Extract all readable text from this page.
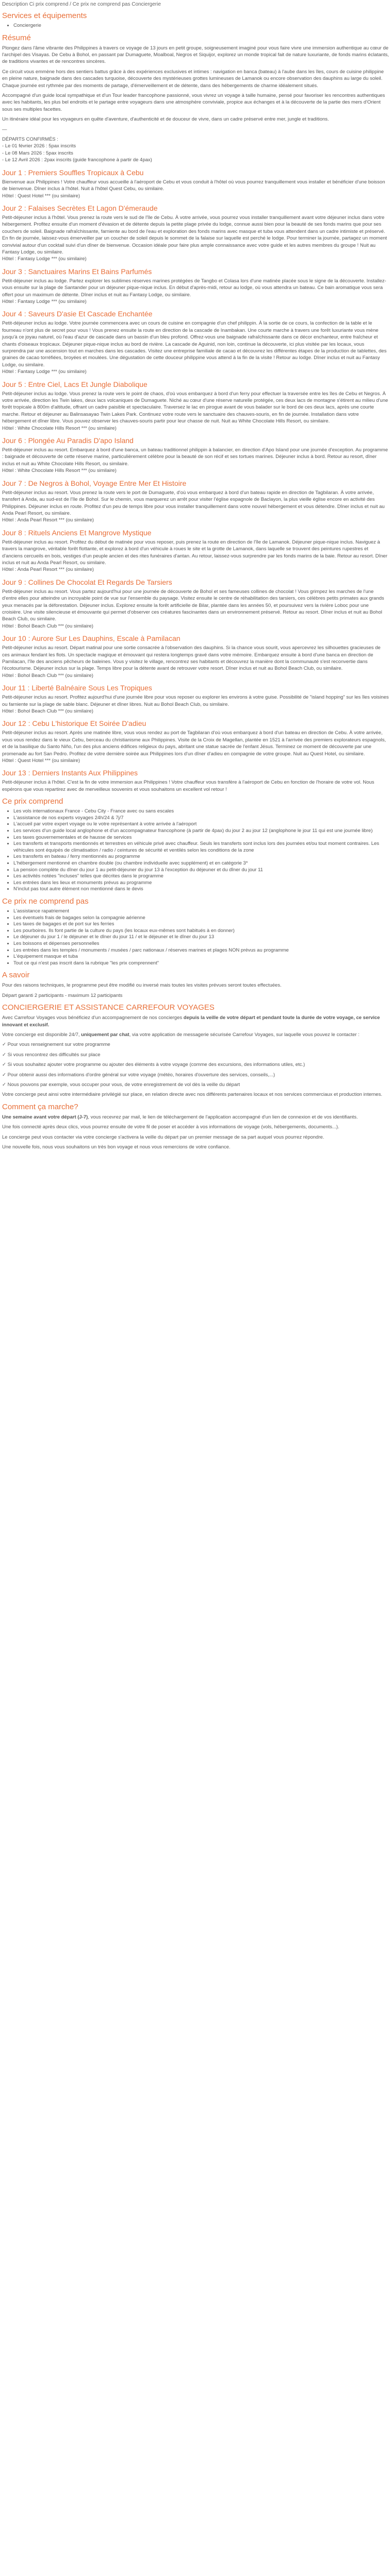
Description Ci prix comprend / Ce prix ne comprend pas Conciergerie
Services et équipements
• Conciergerie
Résumé

Plongez dans l'âme vibrante des Philippines à travers ce voyage de 13 jours en petit groupe, soigneusement imaginé pour vous faire vivre une immersion authentique au cœur de l'archipel des Visayas. De Cebu à Bohol, en passant par Dumaguete, Moalboal, Negros et Siquijor, explorez un monde tropical fait de nature luxuriante, de fonds marins éclatants, de traditions vivantes et de rencontres sincères.

Ce circuit vous emmène hors des sentiers battus grâce à des expériences exclusives et intimes : navigation en banca (bateau) à l'aube dans les îles, cours de cuisine philippine en pleine nature, baignade dans des cascades turquoise, découverte des mystérieuses grottes lumineuses de Lamanok ou encore observation des dauphins au large du soleil. Chaque journée est rythmée par des moments de partage, d'émerveillement et de détente, dans des hébergements de charme idéalement situés.

Accompagné d'un guide local sympathique et d'un Tour leader francophone passionné, vous vivrez un voyage à taille humaine, pensé pour favoriser les rencontres authentiques avec les habitants, les plus bel endroits et le partage entre voyageurs dans une atmosphère conviviale, propice aux échanges et à la découverte de la partie des mers d'Orient sous ses multiples facettes.

Un itinéraire idéal pour les voyageurs en quête d'aventure, d'authenticité et de douceur de vivre, dans un cadre préservé entre mer, jungle et traditions.

—

DÉPARTS CONFIRMÉS :

- Le 01 février 2026 : 5pax inscrits

- Le 08 Mars 2026 : 5pax inscrits

- Le 12 Avril 2026 : 2pax inscrits (guide francophone à partir de 4pax)

Jour 1 : Premiers Souffles Tropicaux à Cebu

Bienvenue aux Philippines ! Votre chauffeur vous accueille à l'aéroport de Cebu et vous conduit à l'hôtel où vous pourrez tranquillement vous installer et bénéficier d'une boisson de bienvenue. Dîner inclus à l'hôtel. Nuit à l'hôtel Quest Cebu, ou similaire.

Hôtel : Quest Hotel *** (ou similaire)

Jour 2 : Falaises Secrètes Et Lagon D'émeraude

Petit-déjeuner inclus à l'hôtel. Vous prenez la route vers le sud de l'île de Cebu. À votre arrivée, vous pourrez vous installer tranquillement avant votre déjeuner inclus dans votre hébergement. Profitez ensuite d'un moment d'évasion et de détente depuis la petite plage privée du lodge, connue aussi bien pour la beauté de ses fonds marins que pour ses couchers de soleil. Baignade rafraîchissante, farniente au bord de l'eau et exploration des fonds marins avec masque et tuba vous attendent dans un cadre intimiste et préservé. En fin de journée, laissez-vous émerveiller par un coucher de soleil depuis le sommet de la falaise sur laquelle est perché le lodge. Pour terminer la journée, partagez un moment convivial autour d'un cocktail suivi d'un dîner de bienvenue. Occasion idéale pour faire plus ample connaissance avec votre guide et les autres membres du groupe ! Nuit au Fantasy Lodge, ou similaire.

Hôtel : Fantasy Lodge *** (ou similaire)

Jour 3 : Sanctuaires Marins Et Bains Parfumés

Petit-déjeuner inclus au lodge. Partez explorer les sublimes réserves marines protégées de Tangbo et Colasa lors d'une matinée placée sous le signe de la découverte. Installez-vous ensuite sur la plage de Santander pour un déjeuner pique-nique inclus. En début d'après-midi, retour au lodge, où vous attendra un bateau. Ce bain aromatique vous sera offert pour un maximum de détente. Dîner inclus et nuit au Fantasy Lodge, ou similaire.

Hôtel : Fantasy Lodge *** (ou similaire)

Jour 4 : Saveurs D'asie Et Cascade Enchantée

Petit-déjeuner inclus au lodge. Votre journée commencera avec un cours de cuisine en compagnie d'un chef philippin. À la sortie de ce cours, la confection de la table et le fourneau n'ont plus de secret pour vous ! Vous prenez ensuite la route en direction de la cascade de Inambakan. Une courte marche à travers une forêt luxuriante vous mène jusqu'à ce joyau naturel, où l'eau d'azur de cascade dans un bassin d'un bleu profond. Offrez-vous une baignade rafraîchissante dans ce décor enchanteur, entre fraîcheur et chants d'oiseaux tropicaux. Déjeuner pique-nique inclus au bord de rivière. La cascade de Aguinid, non loin, continue la découverte, ici plus visitée par les locaux, vous surprendra par une ascension tout en marches dans les cascades. Visitez une entreprise familiale de cacao et découvrez les différentes étapes de la production de tablettes, des graines de cacao torréfiées, broyées et moulées. Une dégustation de cette douceur philippine vous attend à la fin de la visite ! Retour au lodge. Dîner inclus et nuit au Fantasy Lodge, ou similaire.

Hôtel : Fantasy Lodge *** (ou similaire)

Jour 5 : Entre Ciel, Lacs Et Jungle Diabolique

Petit-déjeuner inclus au lodge. Vous prenez la route vers le point de chaos, d'où vous embarquez à bord d'un ferry pour effectuer la traversée entre les îles de Cebu et Negros. À votre arrivée, direction les Twin lakes, deux lacs volcaniques de Dumaguete. Niché au cœur d'une réserve naturelle protégée, ces deux lacs de montagne s'étirent au milieu d'une forêt tropicale à 800m d'altitude, offrant un cadre paisible et spectaculaire. Traversez le lac en pirogue avant de vous balader sur le bord de ces deux lacs, après une courte marche. Retour et déjeuner au Balinsasayao Twin Lakes Park. Continuez votre route vers le sanctuaire des chauves-souris, en fin de journée. Installation dans votre hébergement et dîner libre. Vous pouvez observer les chauves-souris partir pour leur chasse de nuit. Nuit au White Chocolate Hills Resort, ou similaire.

Hôtel : White Chocolate Hills Resort *** (ou similaire)

Jour 6 : Plongée Au Paradis D'apo Island

Petit-déjeuner inclus au resort. Embarquez à bord d'une banca, un bateau traditionnel philippin à balancier, en direction d'Apo Island pour une journée d'exception. Au programme : baignade et découverte de cette réserve marine, particulièrement célèbre pour la beauté de son récif et ses tortues marines. Déjeuner inclus à bord. Retour au resort, dîner inclus et nuit au White Chocolate Hills Resort, ou similaire.

Hôtel : White Chocolate Hills Resort *** (ou similaire)

Jour 7 : De Negros à Bohol, Voyage Entre Mer Et Histoire

Petit-déjeuner inclus au resort. Vous prenez la route vers le port de Dumaguete, d'où vous embarquez à bord d'un bateau rapide en direction de Tagbilaran. À votre arrivée, transfert à Anda, au sud-est de l'île de Bohol. Sur le chemin, vous marquerez un arrêt pour visiter l'église espagnole de Baclayon, la plus vieille église encore en activité des Philippines. Déjeuner inclus en route. Profitez d'un peu de temps libre pour vous installer tranquillement dans votre nouvel hébergement et vous détendre. Dîner inclus et nuit au Anda Pearl Resort, ou similaire.

Hôtel : Anda Pearl Resort *** (ou similaire)

Jour 8 : Rituels Anciens Et Mangrove Mystique

Petit-déjeuner inclus au resort. Profitez du début de matinée pour vous reposer, puis prenez la route en direction de l'île de Lamanok. Déjeuner pique-nique inclus. Naviguez à travers la mangrove, véritable forêt flottante, et explorez à bord d'un véhicule à roues le site et la grotte de Lamanok, dans laquelle se trouvent des peintures rupestres et d'anciens cercueils en bois, vestiges d'un peuple ancien et des rites funéraires d'antan. Au retour, laissez-vous surprendre par les fonds marins de la baie. Retour au resort. Dîner inclus et nuit au Anda Pearl Resort, ou similaire.

Hôtel : Anda Pearl Resort *** (ou similaire)

Jour 9 : Collines De Chocolat Et Regards De Tarsiers

Petit-déjeuner inclus au resort. Vous partez aujourd'hui pour une journée de découverte de Bohol et ses fameuses collines de chocolat ! Vous grimpez les marches de l'une d'entre elles pour atteindre un incroyable point de vue sur l'ensemble du paysage. Visitez ensuite le centre de réhabilitation des tarsiers, ces célèbres petits primates aux grands yeux menacés par la déforestation. Déjeuner inclus. Explorez ensuite la forêt artificielle de Bilar, plantée dans les années 50, et poursuivez vers la rivière Loboc pour une croisière. Une visite silencieuse et émouvante qui permet d'observer ces créatures fascinantes dans un environnement préservé. Retour au resort. Dîner inclus et nuit au Bohol Beach Club, ou similaire.

Hôtel : Bohol Beach Club *** (ou similaire)

Jour 10 : Aurore Sur Les Dauphins, Escale à Pamilacan

Petit-déjeuner inclus au resort. Départ matinal pour une sortie consacrée à l'observation des dauphins. Si la chance vous sourit, vous apercevrez les silhouettes gracieuses de ces animaux fendant les flots. Un spectacle magique et émouvant qui restera longtemps gravé dans votre mémoire. Embarquez ensuite à bord d'une banca en direction de Pamilacan, l'île des anciens pêcheurs de baleines. Vous y visitez le village, rencontrez ses habitants et découvrez la manière dont la communauté s'est reconvertie dans l'écotourisme. Déjeuner inclus sur la plage. Temps libre pour la détente avant de retrouver votre resort. Dîner inclus et nuit au Bohol Beach Club, ou similaire.

Hôtel : Bohol Beach Club *** (ou similaire)

Jour 11 : Liberté Balnéaire Sous Les Tropiques

Petit-déjeuner inclus au resort. Profitez aujourd'hui d'une journée libre pour vous reposer ou explorer les environs à votre guise. Possibilité de "island hopping" sur les îles voisines ou farniente sur la plage de sable blanc. Déjeuner et dîner libres. Nuit au Bohol Beach Club, ou similaire.

Hôtel : Bohol Beach Club *** (ou similaire)

Jour 12 : Cebu L'historique Et Soirée D'adieu

Petit-déjeuner inclus au resort. Après une matinée libre, vous vous rendez au port de Tagbilaran d'où vous embarquez à bord d'un bateau en direction de Cebu. À votre arrivée, vous vous rendez dans le vieux Cebu, berceau du christianisme aux Philippines. Visite de la Croix de Magellan, plantée en 1521 à l'arrivée des premiers explorateurs espagnols, et de la basilique du Santo Niño, l'un des plus anciens édifices religieux du pays, abritant une statue sacrée de l'enfant Jésus. Terminez ce moment de découverte par une promenade au fort San Pedro. Profitez de votre dernière soirée aux Philippines lors d'un dîner d'adieu en compagnie de votre groupe. Nuit au Quest Hotel, ou similaire.

Hôtel : Quest Hotel *** (ou similaire)

Jour 13 : Derniers Instants Aux Philippines

Petit-déjeuner inclus à l'hôtel. C'est la fin de votre immersion aux Philippines ! Votre chauffeur vous transfère à l'aéroport de Cebu en fonction de l'horaire de votre vol. Nous espérons que vous repartirez avec de merveilleux souvenirs et vous souhaitons un excellent vol retour !

Ce prix comprend
• Les vols internationaux France - Cebu City - France avec ou sans escales
• L'assistance de nos experts voyages 24h/24 & 7j/7
• L'accueil par votre expert voyage ou le votre représentant à votre arrivée à l'aéroport
• Les services d'un guide local anglophone et d'un accompagnateur francophone (à partir de 4pax) du jour 2 au jour 12 (anglophone le jour 11 qui est une journée libre)
• Les taxes gouvernementales et de hausse de services
• Les transferts et transports mentionnés et terrestres en véhicule privé avec chauffeur. Seuls les transferts sont inclus lors des journées et/ou tout moment contraires. Les véhicules sont équipés de climatisation / radio / ceintures de sécurité et ventilés selon les conditions de la zone
• Les transferts en bateau / ferry mentionnés au programme
• L'hébergement mentionné en chambre double (ou chambre individuelle avec supplément) et en catégorie 3*
• La pension complète du dîner du jour 1 au petit-déjeuner du jour 13 à l'exception du déjeuner et du dîner du jour 11
• Les activités notées "incluses" telles que décrites dans le programme
• Les entrées dans les lieux et monuments prévus au programme
• N'inclut pas tout autre élément non mentionné dans le devis
Ce prix ne comprend pas
• L'assistance rapatriement
• Les éventuels frais de bagages selon la compagnie aérienne
• Les taxes de bagages et de port sur les ferries
• Les pourboires. Ils font partie de la culture du pays (les locaux eux-mêmes sont habitués à en donner)
• Le déjeuner du jour 1 / le déjeuner et le dîner du jour 11 / et le déjeuner et le dîner du jour 13
• Les boissons et dépenses personnelles
• Les entrées dans les temples / monuments / musées / parc nationaux / réserves marines et plages NON prévus au programme
• L'équipement masque et tuba
• Tout ce qui n'est pas inscrit dans la rubrique "les prix comprennent"
A savoir

Pour des raisons techniques, le programme peut être modifié ou inversé mais toutes les visites prévues seront toutes effectuées.

Départ garanti 2 participants - maximum 12 participants

CONCIERGERIE ET ASSISTANCE CARREFOUR VOYAGES

Avec Carrefour Voyages vous bénéficiez d'un accompagnement de nos concierges depuis la veille de votre départ et pendant toute la durée de votre voyage, ce service innovant et exclusif.

Votre concierge est disponible 24/7, uniquement par chat, via votre application de messagerie sécurisée Carrefour Voyages, sur laquelle vous pouvez le contacter :

✓ Pour vous renseignement sur votre programme

✓ Si vous rencontrez des difficultés sur place

✓ Si vous souhaitez ajouter votre programme ou ajouter des éléments à votre voyage (comme des excursions, des informations utiles, etc.)

✓ Pour obtenir aussi des informations d'ordre général sur votre voyage (météo, horaires d'ouverture des services, conseils,...)

✓ Nous pouvons par exemple, vous occuper pour vous, de votre enregistrement de vol dès la veille du départ

Votre concierge peut ainsi votre intermédiaire privilégié sur place, en relation directe avec nos différents partenaires locaux et nos services commerciaux et production internes.

Comment ça marche?

Une semaine avant votre départ (J-7), vous recevrez par mail, le lien de téléchargement de l'application accompagné d'un lien de connexion et de vos identifiants.

Une fois connecté après deux clics, vous pourrez ensuite de votre fil de poser et accéder à vos informations de voyage (vols, hébergements, documents...).

Le concierge peut vous contacter via votre concierge s'activera la veille du départ par un premier message de sa part auquel vous pourrez répondre.

Une nouvelle fois, nous vous souhaitons un très bon voyage et nous vous remercions de votre confiance.
